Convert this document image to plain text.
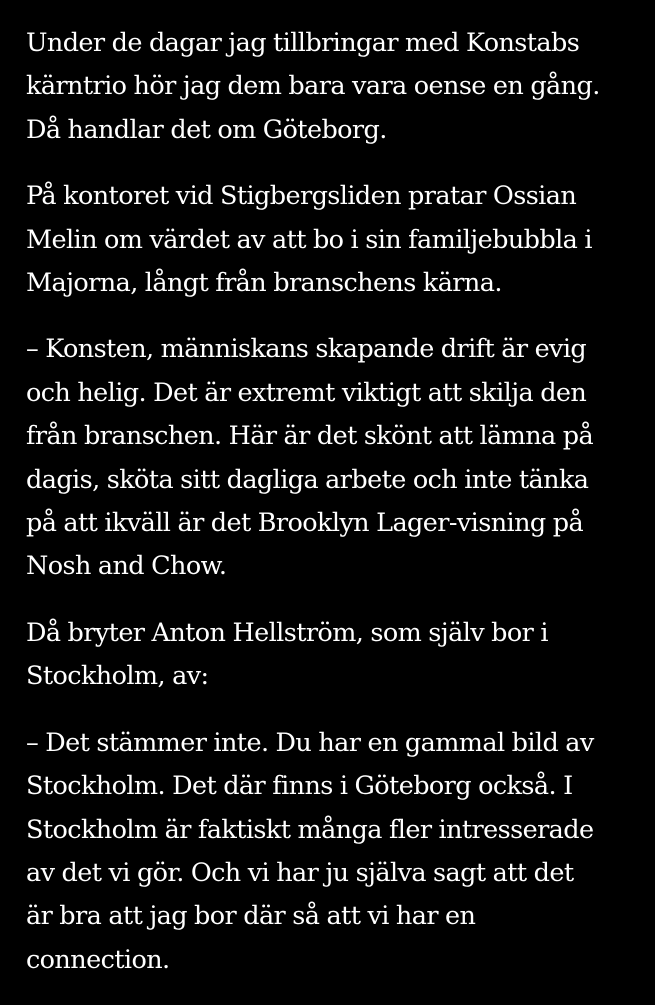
Under de dagar jag tillbringar med Konstabs
kärntrio hör jag dem bara vara oense en gång.
Då handlar det om Göteborg.

På kontoret vid Stigbergsliden pratar Ossian
Melin om värdet av att bo i sin familjebubbla i
Majorna, långt från branschens kärna.

– Konsten, människans skapande drift är evig
och helig. Det är extremt viktigt att skilja den
från branschen. Här är det skönt att lämna på
dagis, sköta sitt dagliga arbete och inte tänka
på att ikväll är det Brooklyn Lager-visning på
Nosh and Chow.

Då bryter Anton Hellström, som själv bor i
Stockholm, av:

– Det stämmer inte. Du har en gammal bild av
Stockholm. Det där finns i Göteborg också. I
Stockholm är faktiskt många fler intresserade
av det vi gör. Och vi har ju själva sagt att det
är bra att jag bor där så att vi har en
connection.
